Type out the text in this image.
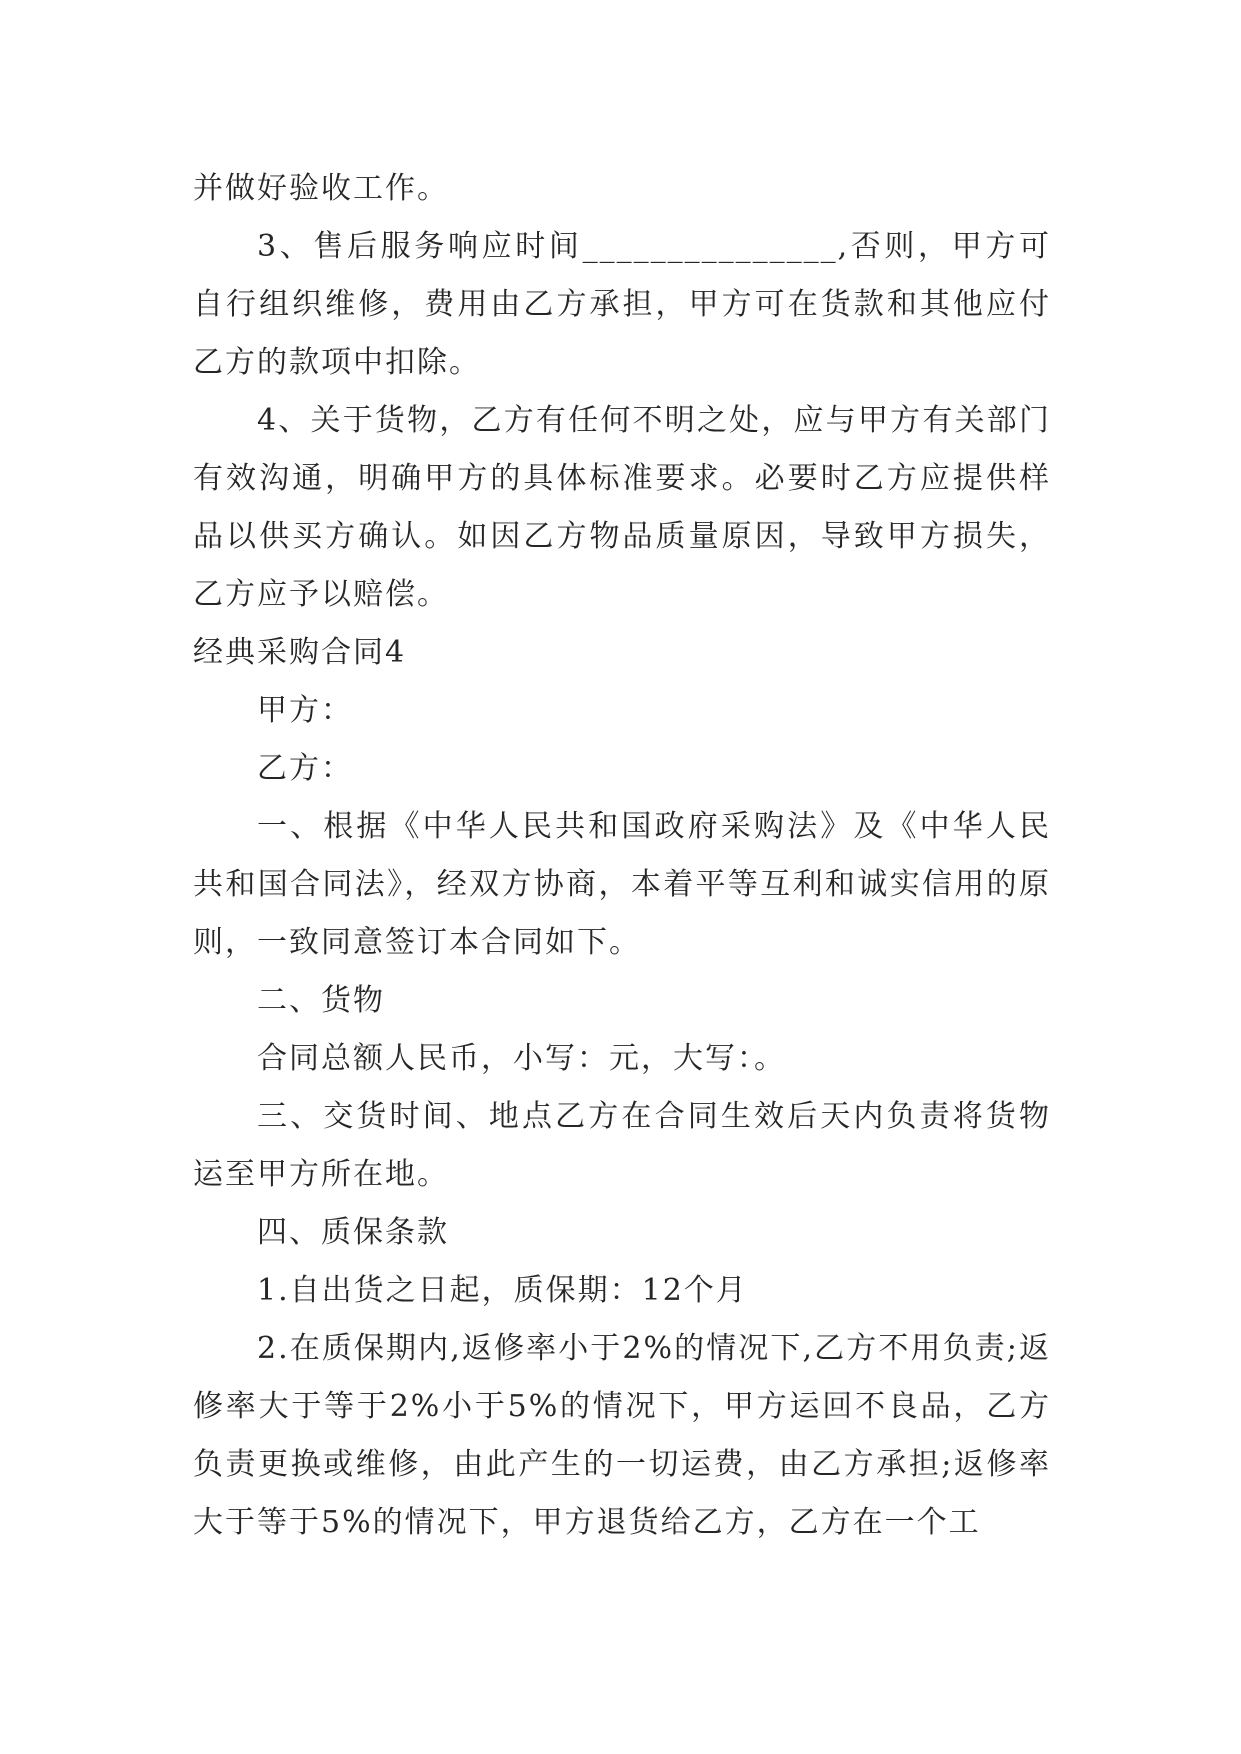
并做好验收工作。

3、售后服务响应时间_______________,否则，甲方可自行组织维修，费用由乙方承担，甲方可在货款和其他应付乙方的款项中扣除。

4、关于货物，乙方有任何不明之处，应与甲方有关部门有效沟通，明确甲方的具体标准要求。必要时乙方应提供样品以供买方确认。如因乙方物品质量原因，导致甲方损失，乙方应予以赔偿。

经典采购合同4

甲方：

乙方：

一、根据《中华人民共和国政府采购法》及《中华人民共和国合同法》，经双方协商，本着平等互利和诚实信用的原则，一致同意签订本合同如下。

二、货物

合同总额人民币，小写：元，大写：。

三、交货时间、地点乙方在合同生效后天内负责将货物运至甲方所在地。

四、质保条款

1.自出货之日起，质保期：12个月

2.在质保期内,返修率小于2%的情况下,乙方不用负责;返修率大于等于2%小于5%的情况下，甲方运回不良品，乙方负责更换或维修，由此产生的一切运费，由乙方承担;返修率大于等于5%的情况下，甲方退货给乙方，乙方在一个工
